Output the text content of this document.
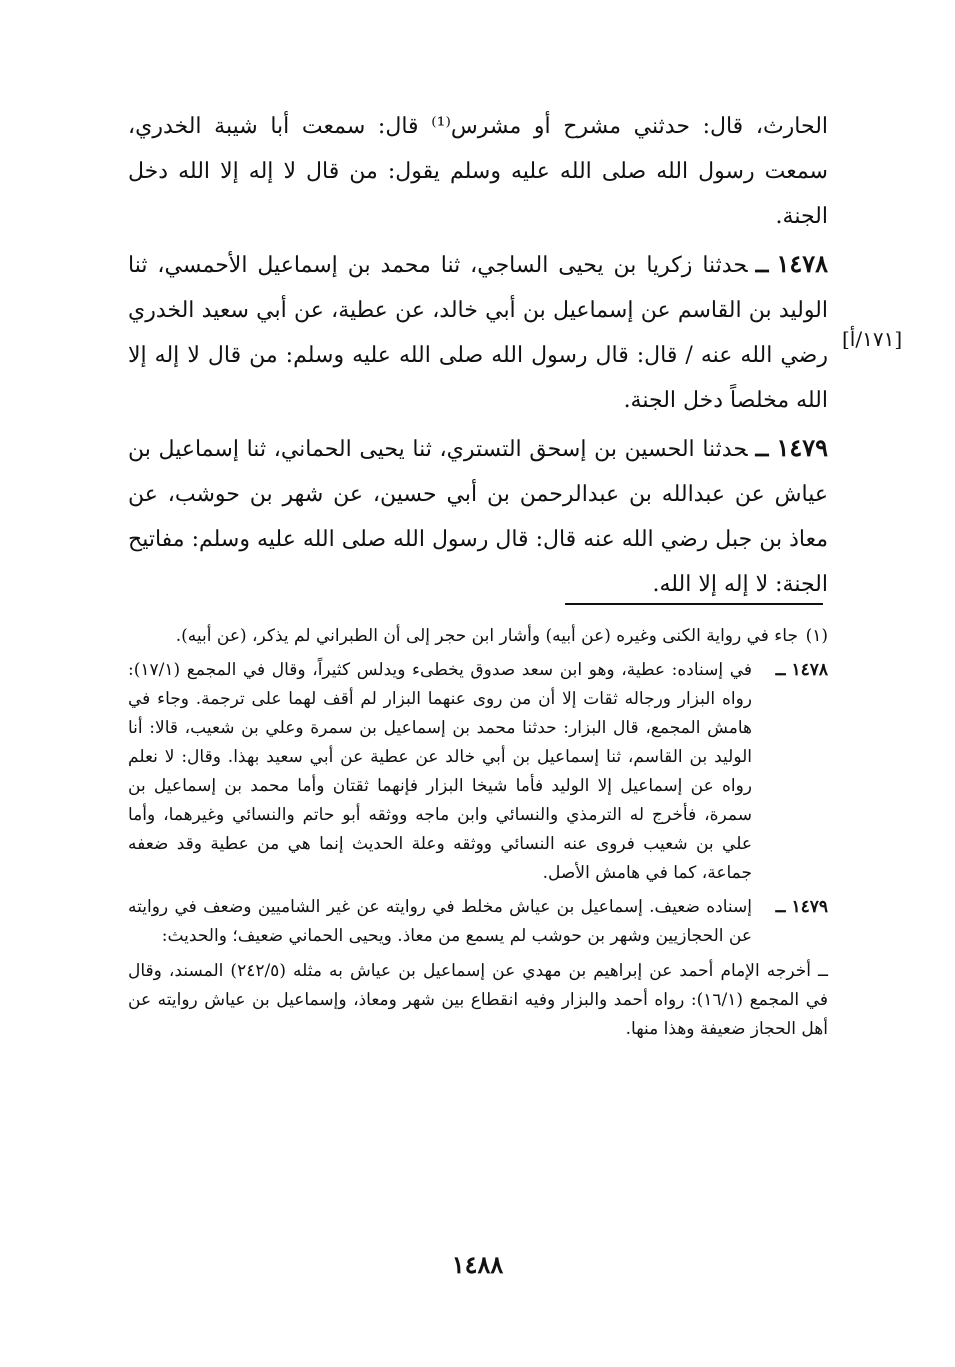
الحارث، قال: حدثني مشرح أو مشرس⁽¹⁾ قال: سمعت أبا شيبة الخدري، سمعت رسول الله صلى الله عليه وسلم يقول: من قال لا إله إلا الله دخل الجنة.

١٤٧٨ــحدثنا زكريا بن يحيى الساجي، ثنا محمد بن إسماعيل الأحمسي، ثنا الوليد بن القاسم عن إسماعيل بن أبي خالد، عن عطية، عن أبي سعيد الخدري رضي الله عنه / قال: قال رسول الله صلى الله عليه وسلم: من قال لا إله إلا الله مخلصاً دخل الجنة.

١٤٧٩ــحدثنا الحسين بن إسحق التستري، ثنا يحيى الحماني، ثنا إسماعيل بن عياش عن عبدالله بن عبدالرحمن بن أبي حسين، عن شهر بن حوشب، عن معاذ بن جبل رضي الله عنه قال: قال رسول الله صلى الله عليه وسلم: مفاتيح الجنة: لا إله إلا الله.

[١٧١/أ]
(١)
جاء في رواية الكنى وغيره (عن أبيه) وأشار ابن حجر إلى أن الطبراني لم يذكر، (عن أبيه).
١٤٧٨ ــ
في إسناده: عطية، وهو ابن سعد صدوق يخطىء ويدلس كثيراً، وقال في المجمع (١٧/١): رواه البزار ورجاله ثقات إلا أن من روى عنهما البزار لم أقف لهما على ترجمة. وجاء في هامش المجمع، قال البزار: حدثنا محمد بن إسماعيل بن سمرة وعلي بن شعيب، قالا: أنا الوليد بن القاسم، ثنا إسماعيل بن أبي خالد عن عطية عن أبي سعيد بهذا. وقال: لا نعلم رواه عن إسماعيل إلا الوليد فأما شيخا البزار فإنهما ثقتان وأما محمد بن إسماعيل بن سمرة، فأخرج له الترمذي والنسائي وابن ماجه ووثقه أبو حاتم والنسائي وغيرهما، وأما علي بن شعيب فروى عنه النسائي ووثقه وعلة الحديث إنما هي من عطية وقد ضعفه جماعة، كما في هامش الأصل.
١٤٧٩ ــ
إسناده ضعيف. إسماعيل بن عياش مخلط في روايته عن غير الشاميين وضعف في روايته عن الحجازيين وشهر بن حوشب لم يسمع من معاذ. ويحيى الحماني ضعيف؛ والحديث:

ــ أخرجه الإمام أحمد عن إبراهيم بن مهدي عن إسماعيل بن عياش به مثله (٢٤٢/٥) المسند، وقال في المجمع (١٦/١): رواه أحمد والبزار وفيه انقطاع بين شهر ومعاذ، وإسماعيل بن عياش روايته عن أهل الحجاز ضعيفة وهذا منها.

١٤٨٨
